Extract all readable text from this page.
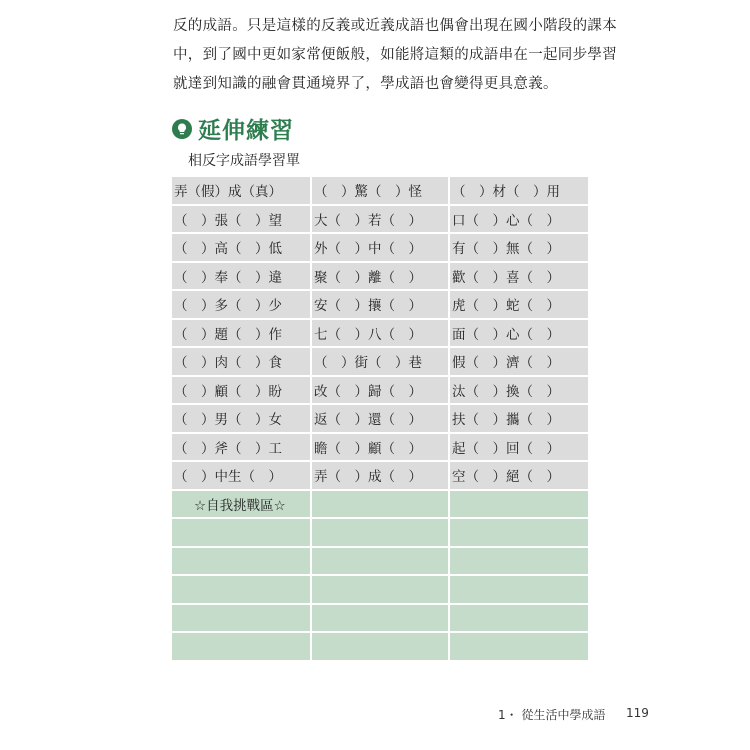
反的成語。只是這樣的反義或近義成語也偶會出現在國小階段的課本

中，到了國中更如家常便飯般，如能將這類的成語串在一起同步學習

就達到知識的融會貫通境界了，學成語也會變得更具意義。

延伸練習
相反字成語學習單
弄（假）成（真）	（　）驚（　）怪	（　）材（　）用
（　）張（　）望	大（　）若（　）	口（　）心（　）
（　）高（　）低	外（　）中（　）	有（　）無（　）
（　）奉（　）違	聚（　）離（　）	歡（　）喜（　）
（　）多（　）少	安（　）攘（　）	虎（　）蛇（　）
（　）題（　）作	七（　）八（　）	面（　）心（　）
（　）肉（　）食	（　）街（　）巷	假（　）濟（　）
（　）顧（　）盼	改（　）歸（　）	汰（　）換（　）
（　）男（　）女	返（　）還（　）	扶（　）攜（　）
（　）斧（　）工	瞻（　）顧（　）	起（　）回（　）
（　）中生（　）	弄（　）成（　）	空（　）絕（　）
☆自我挑戰區☆
1・ 從生活中學成語 119
